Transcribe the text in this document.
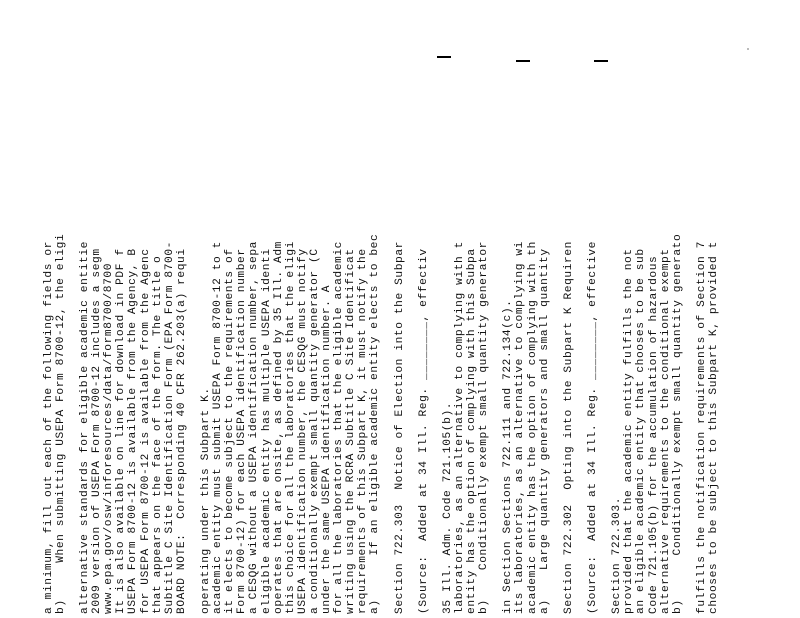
chooses to be subject to this Subpart K, provided t
fulfills the notification requirements of Section 7
b)      Conditionally exempt small quantity generato
alternative requirements to the conditional exempt
Code 721.105(b) for the accumulation of hazardous
an eligible academic entity that chooses to be sub
provided that the academic entity fulfills the not
Section 722.303.
(Source:  Added at 34 Ill. Reg. ________, effective
Section 722.302  Opting into the Subpart K Requiren
a)    Large quantity generators and small quantity
academic entity has the option of complying with th
its laboratories, as an alternative to complying wi
in Section Sections 722.111 and 722.134(c).
b)    Conditionally exempt small quantity generator
entity has the option of complying with this Subpa
laboratories, as an alternative to complying with t
35 Ill. Adm. Code 721.105(b).
(Source:  Added at 34 Ill. Reg. ________, effectiv
Section 722.303  Notice of Election into the Subpar
a)      If an eligible academic entity elects to bec
requirements of this Subpart K, it must notify the
writing using the RCRA Subtitle C Site Identificat
for all the laboratories that the eligible academic
under the same USEPA identification number. A
a conditionally exempt small quantity generator (C
USEPA identification number, the CESQG must notify
this choice for all the laboratories that the eligi
operates that are onsite, as defined by 35 Ill. Adm
eligible academic entity has multiple USEPA identi
a CESQG without a USEPA identification number, sepa
Form 8700-12) for each USEPA identification number
it elects to become subject to the requirements of
academic entity must submit USEPA Form 8700-12 to t
operating under this Subpart K.
BOARD NOTE:  Corresponding 40 CFR 262.203(a) requi
Subtitle C Site Identification Form (EPA Form 8700-
that appears on the face of the form. The title o
for USEPA Form 8700-12 is available from the Agenc
USEPA Form 8700-12 is available from the Agency, B
It is also available on line for download in PDF f
www.epa.gov/osw/inforesources/data/form8700/8700
2009 version of USEPA Form 8700-12 includes a segm
alternative standards for eligible academic entitie
b)     When submitting USEPA Form 8700-12, the eligi
a minimum, fill out each of the following fields or
